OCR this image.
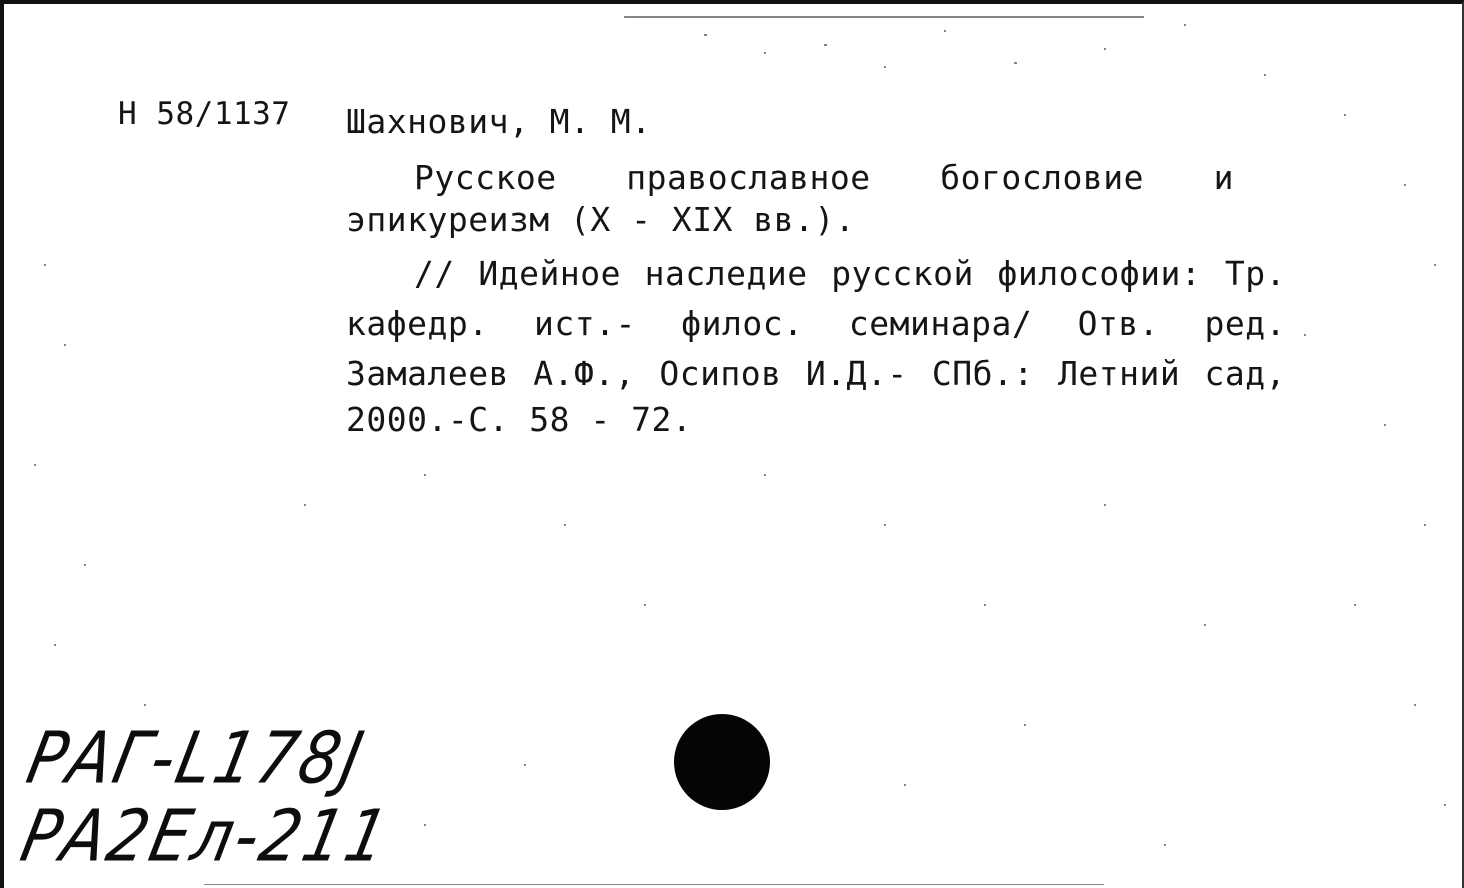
Н 58/1137 Шахнович, М. М.
Русское православное богословие и
эпикуреизм (X - XIX вв.).
// Идейное наследие русской философии: Тр.
кафедр. ист.- филос. семинара/ Отв. ред.
Замалеев А.Ф., Осипов И.Д.- СПб.: Летний сад,
2000.-С. 58 - 72.
РАГ-L178J
РА2Ел-211
